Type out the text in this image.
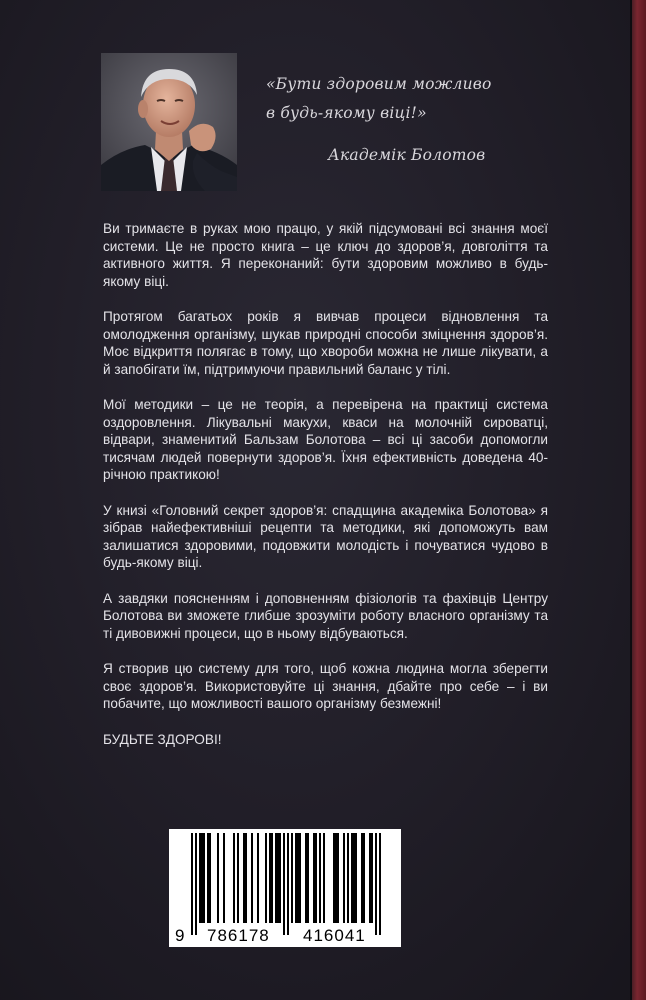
«Бути здоровим можливо
в будь-якому віці!»
Академік Болотов

Ви тримаєте в руках мою працю, у якій підсумовані всі знання моєї системи. Це не просто книга – це ключ до здоров’я, довголіття та активного життя. Я переконаний: бути здоровим можливо в будь-якому віці.

Протягом багатьох років я вивчав процеси відновлення та омолодження організму, шукав природні способи зміцнення здоров’я. Моє відкриття полягає в тому, що хвороби можна не лише лікувати, а й запобігати їм, підтримуючи правильний баланс у тілі.

Мої методики – це не теорія, а перевірена на практиці система оздоровлення. Лікувальні макухи, кваси на молочній сироватці, відвари, знаменитий Бальзам Болотова – всі ці засоби допомогли тисячам людей повернути здоров’я. Їхня ефективність доведена 40-річною практикою!

У книзі «Головний секрет здоров’я: спадщина академіка Болотова» я зібрав найефективніші рецепти та методики, які допоможуть вам залишатися здоровими, подовжити молодість і почуватися чудово в будь-якому віці.

А завдяки поясненням і доповненням фізіологів та фахівців Центру Болотова ви зможете глибше зрозуміти роботу власного організму та ті дивовижні процеси, що в ньому відбуваються.

Я створив цю систему для того, щоб кожна людина могла зберегти своє здоров’я. Використовуйте ці знання, дбайте про себе – і ви побачите, що можливості вашого організму безмежні!

БУДЬТЕ ЗДОРОВІ!

9 786178 416041
